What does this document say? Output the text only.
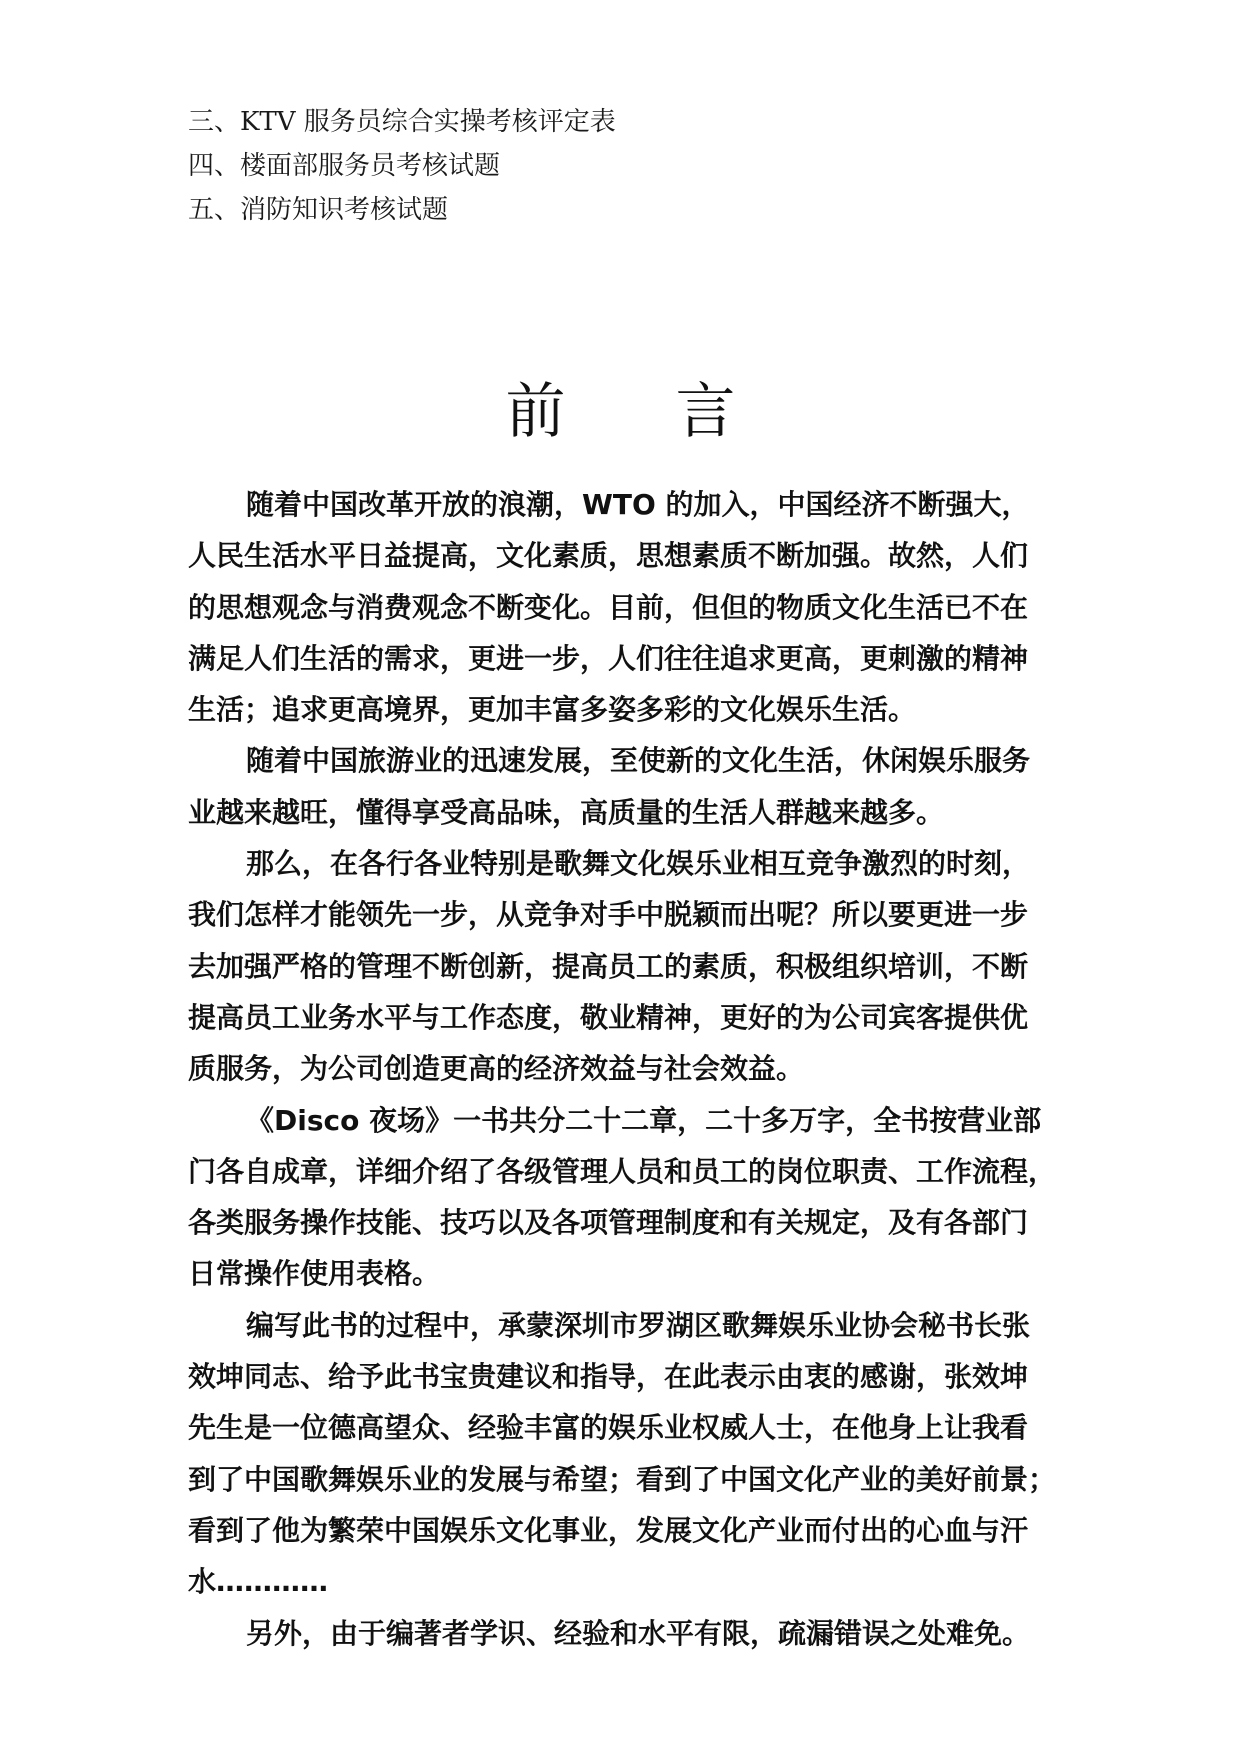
三、KTV 服务员综合实操考核评定表
四、楼面部服务员考核试题
五、消防知识考核试题
前言
随着中国改革开放的浪潮，WTO 的加入，中国经济不断强大，
人民生活水平日益提高，文化素质，思想素质不断加强。故然，人们
的思想观念与消费观念不断变化。目前，但但的物质文化生活已不在
满足人们生活的需求，更进一步，人们往往追求更高，更刺激的精神
生活；追求更高境界，更加丰富多姿多彩的文化娱乐生活。
随着中国旅游业的迅速发展，至使新的文化生活，休闲娱乐服务
业越来越旺，懂得享受高品味，高质量的生活人群越来越多。
那么，在各行各业特别是歌舞文化娱乐业相互竞争激烈的时刻，
我们怎样才能领先一步，从竞争对手中脱颖而出呢？所以要更进一步
去加强严格的管理不断创新，提高员工的素质，积极组织培训，不断
提高员工业务水平与工作态度，敬业精神，更好的为公司宾客提供优
质服务，为公司创造更高的经济效益与社会效益。
《Disco 夜场》一书共分二十二章，二十多万字，全书按营业部
门各自成章，详细介绍了各级管理人员和员工的岗位职责、工作流程，
各类服务操作技能、技巧以及各项管理制度和有关规定，及有各部门
日常操作使用表格。
编写此书的过程中，承蒙深圳市罗湖区歌舞娱乐业协会秘书长张
效坤同志、给予此书宝贵建议和指导，在此表示由衷的感谢，张效坤
先生是一位德高望众、经验丰富的娱乐业权威人士，在他身上让我看
到了中国歌舞娱乐业的发展与希望；看到了中国文化产业的美好前景；
看到了他为繁荣中国娱乐文化事业，发展文化产业而付出的心血与汗
水…………
另外，由于编著者学识、经验和水平有限，疏漏错误之处难免。
